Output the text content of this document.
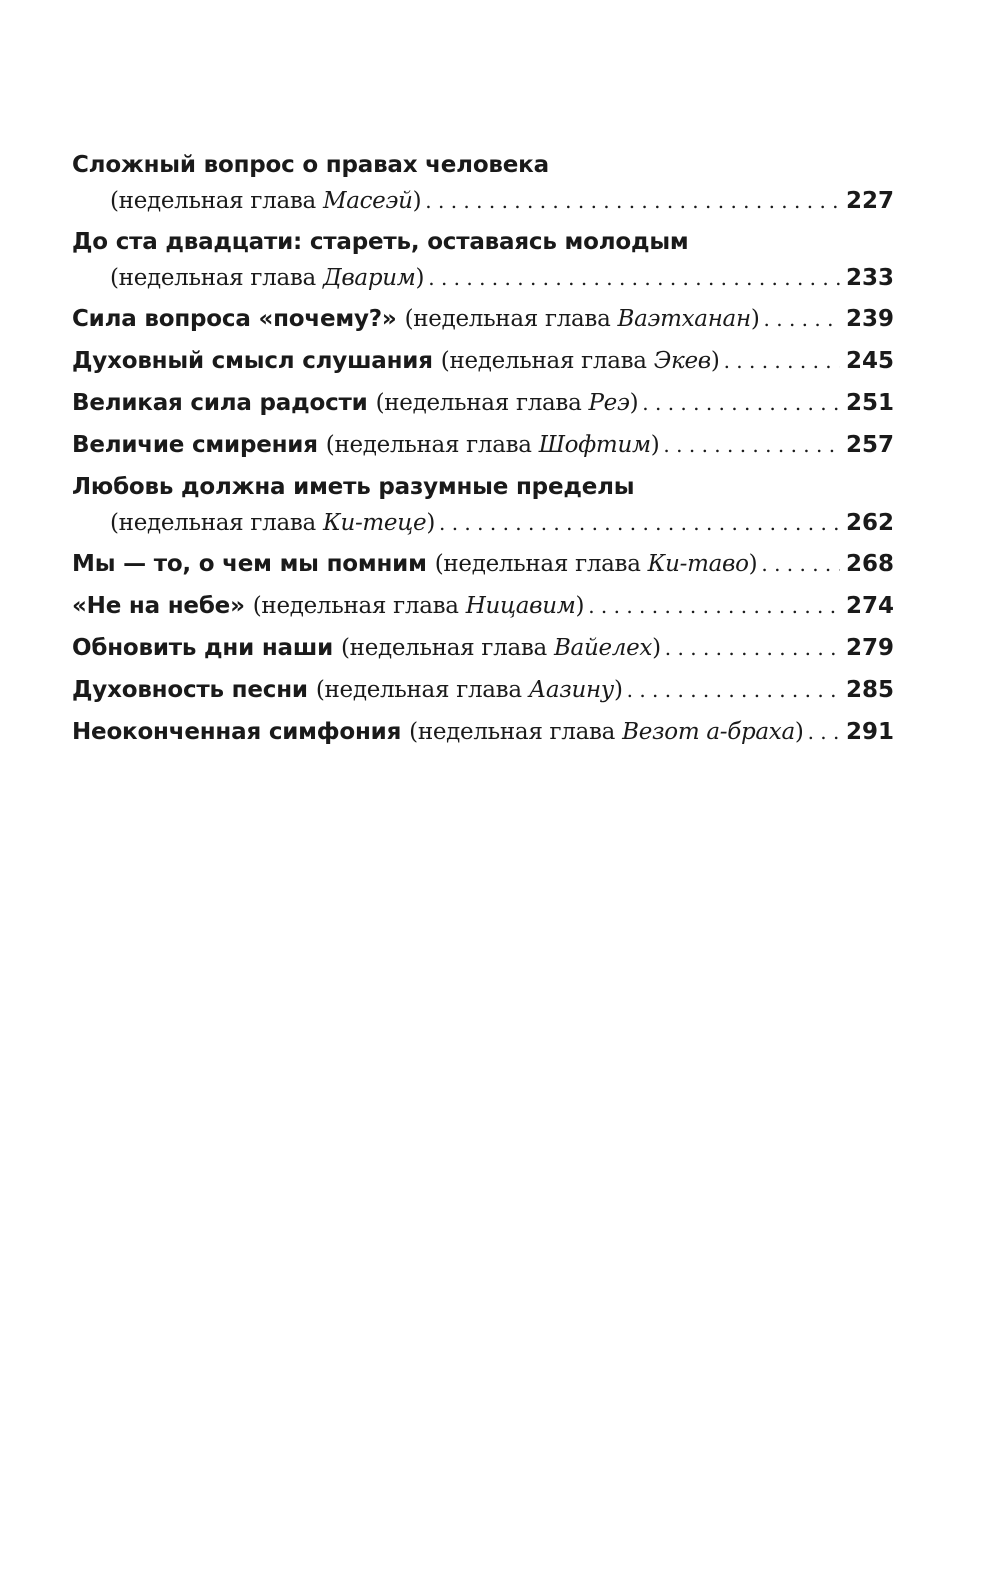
Сложный вопрос о правах человека
(недельная глава Масеэй) . . .	227
До ста двадцати: стареть, оставаясь молодым
(недельная глава Дварим) . . .	233
Сила вопроса «почему?» (недельная глава Ваэтханан) . . .	239
Духовный смысл слушания (недельная глава Экев) . . .	245
Великая сила радости (недельная глава Реэ) . . .	251
Величие смирения (недельная глава Шофтим) . . .	257
Любовь должна иметь разумные пределы
(недельная глава Ки-теце) . . .	262
Мы — то, о чем мы помним (недельная глава Ки-таво) . . .	268
«Не на небе» (недельная глава Ницавим) . . .	274
Обновить дни наши (недельная глава Вайелех) . . .	279
Духовность песни (недельная глава Аазину) . . .	285
Неоконченная симфония (недельная глава Везот а-браха) . . . 291
